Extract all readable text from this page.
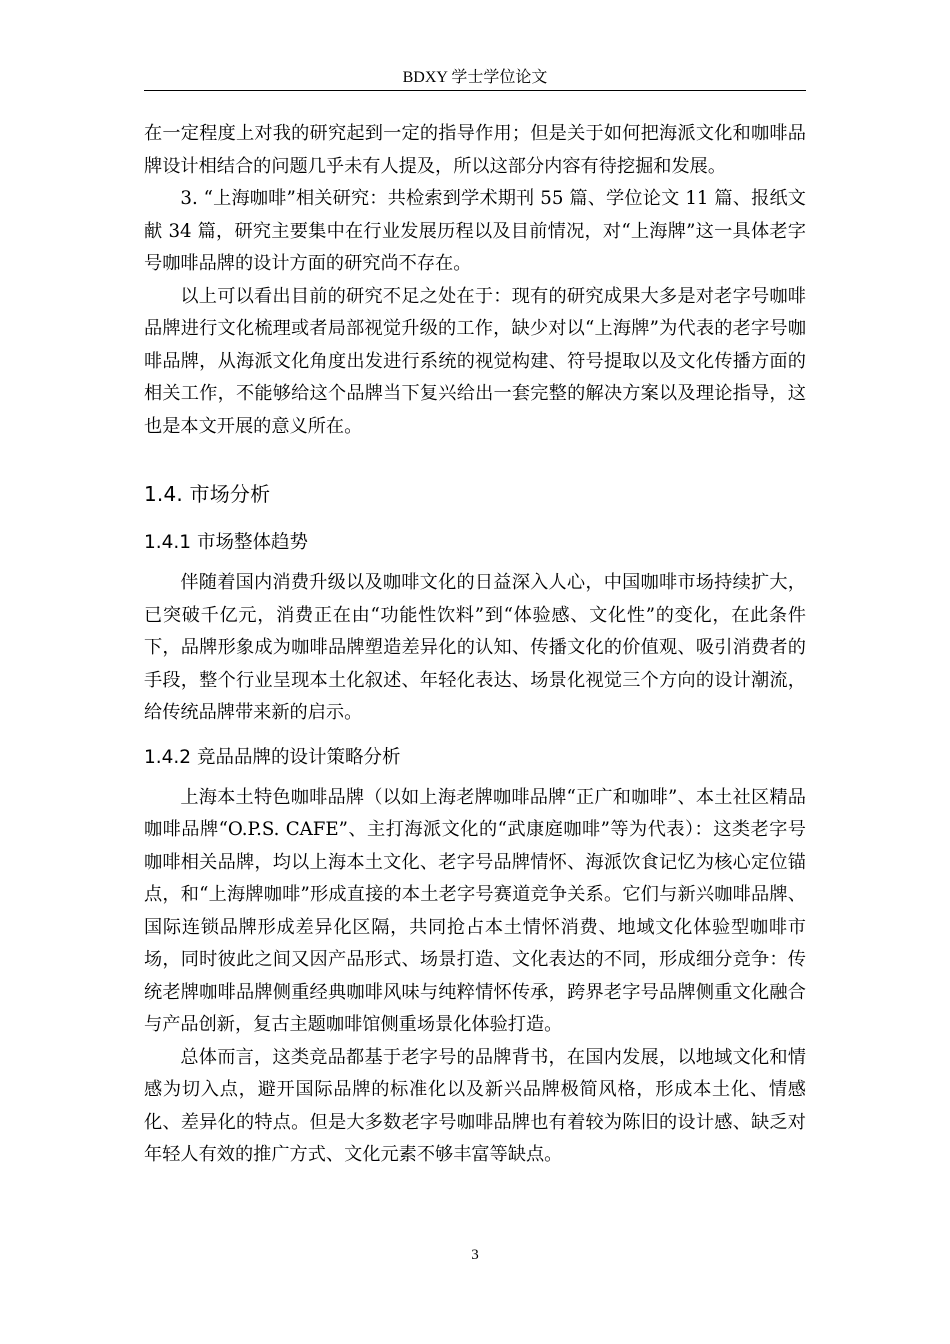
BDXY 学士学位论文

在一定程度上对我的研究起到一定的指导作用；但是关于如何把海派文化和咖啡品牌设计相结合的问题几乎未有人提及，所以这部分内容有待挖掘和发展。

3. “上海咖啡”相关研究：共检索到学术期刊 55 篇、学位论文 11 篇、报纸文献 34 篇，研究主要集中在行业发展历程以及目前情况，对“上海牌”这一具体老字号咖啡品牌的设计方面的研究尚不存在。

以上可以看出目前的研究不足之处在于：现有的研究成果大多是对老字号咖啡品牌进行文化梳理或者局部视觉升级的工作，缺少对以“上海牌”为代表的老字号咖啡品牌，从海派文化角度出发进行系统的视觉构建、符号提取以及文化传播方面的相关工作，不能够给这个品牌当下复兴给出一套完整的解决方案以及理论指导，这也是本文开展的意义所在。

1.4. 市场分析
1.4.1 市场整体趋势

伴随着国内消费升级以及咖啡文化的日益深入人心，中国咖啡市场持续扩大，已突破千亿元，消费正在由“功能性饮料”到“体验感、文化性”的变化，在此条件下，品牌形象成为咖啡品牌塑造差异化的认知、传播文化的价值观、吸引消费者的手段，整个行业呈现本土化叙述、年轻化表达、场景化视觉三个方向的设计潮流，给传统品牌带来新的启示。

1.4.2 竞品品牌的设计策略分析

上海本土特色咖啡品牌（以如上海老牌咖啡品牌“正广和咖啡”、本土社区精品咖啡品牌“O.P.S. CAFE”、主打海派文化的“武康庭咖啡”等为代表）：这类老字号咖啡相关品牌，均以上海本土文化、老字号品牌情怀、海派饮食记忆为核心定位锚点，和“上海牌咖啡”形成直接的本土老字号赛道竞争关系。它们与新兴咖啡品牌、国际连锁品牌形成差异化区隔，共同抢占本土情怀消费、地域文化体验型咖啡市场，同时彼此之间又因产品形式、场景打造、文化表达的不同，形成细分竞争：传统老牌咖啡品牌侧重经典咖啡风味与纯粹情怀传承，跨界老字号品牌侧重文化融合与产品创新，复古主题咖啡馆侧重场景化体验打造。

总体而言，这类竞品都基于老字号的品牌背书，在国内发展，以地域文化和情感为切入点，避开国际品牌的标准化以及新兴品牌极简风格，形成本土化、情感化、差异化的特点。但是大多数老字号咖啡品牌也有着较为陈旧的设计感、缺乏对年轻人有效的推广方式、文化元素不够丰富等缺点。

3
